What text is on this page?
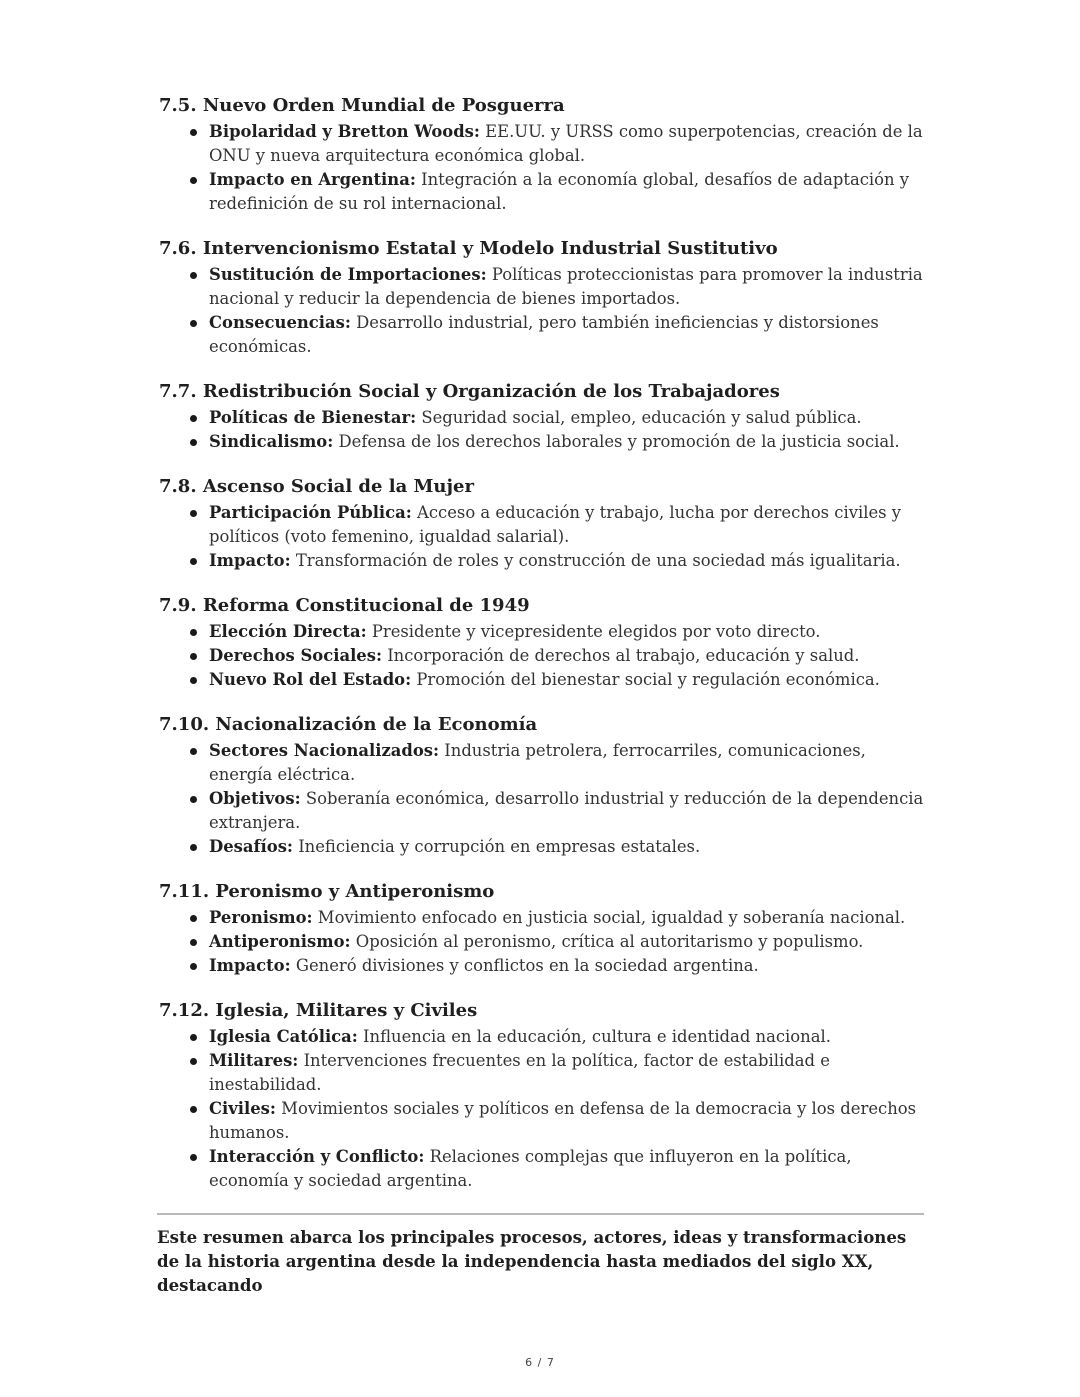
7.5. Nuevo Orden Mundial de Posguerra
Bipolaridad y Bretton Woods: EE.UU. y URSS como superpotencias, creación de la ONU y nueva arquitectura económica global.
Impacto en Argentina: Integración a la economía global, desafíos de adaptación y redefinición de su rol internacional.
7.6. Intervencionismo Estatal y Modelo Industrial Sustitutivo
Sustitución de Importaciones: Políticas proteccionistas para promover la industria nacional y reducir la dependencia de bienes importados.
Consecuencias: Desarrollo industrial, pero también ineficiencias y distorsiones económicas.
7.7. Redistribución Social y Organización de los Trabajadores
Políticas de Bienestar: Seguridad social, empleo, educación y salud pública.
Sindicalismo: Defensa de los derechos laborales y promoción de la justicia social.
7.8. Ascenso Social de la Mujer
Participación Pública: Acceso a educación y trabajo, lucha por derechos civiles y políticos (voto femenino, igualdad salarial).
Impacto: Transformación de roles y construcción de una sociedad más igualitaria.
7.9. Reforma Constitucional de 1949
Elección Directa: Presidente y vicepresidente elegidos por voto directo.
Derechos Sociales: Incorporación de derechos al trabajo, educación y salud.
Nuevo Rol del Estado: Promoción del bienestar social y regulación económica.
7.10. Nacionalización de la Economía
Sectores Nacionalizados: Industria petrolera, ferrocarriles, comunicaciones, energía eléctrica.
Objetivos: Soberanía económica, desarrollo industrial y reducción de la dependencia extranjera.
Desafíos: Ineficiencia y corrupción en empresas estatales.
7.11. Peronismo y Antiperonismo
Peronismo: Movimiento enfocado en justicia social, igualdad y soberanía nacional.
Antiperonismo: Oposición al peronismo, crítica al autoritarismo y populismo.
Impacto: Generó divisiones y conflictos en la sociedad argentina.
7.12. Iglesia, Militares y Civiles
Iglesia Católica: Influencia en la educación, cultura e identidad nacional.
Militares: Intervenciones frecuentes en la política, factor de estabilidad e inestabilidad.
Civiles: Movimientos sociales y políticos en defensa de la democracia y los derechos humanos.
Interacción y Conflicto: Relaciones complejas que influyeron en la política, economía y sociedad argentina.

Este resumen abarca los principales procesos, actores, ideas y transformaciones de la historia argentina desde la independencia hasta mediados del siglo XX, destacando

6 / 7
